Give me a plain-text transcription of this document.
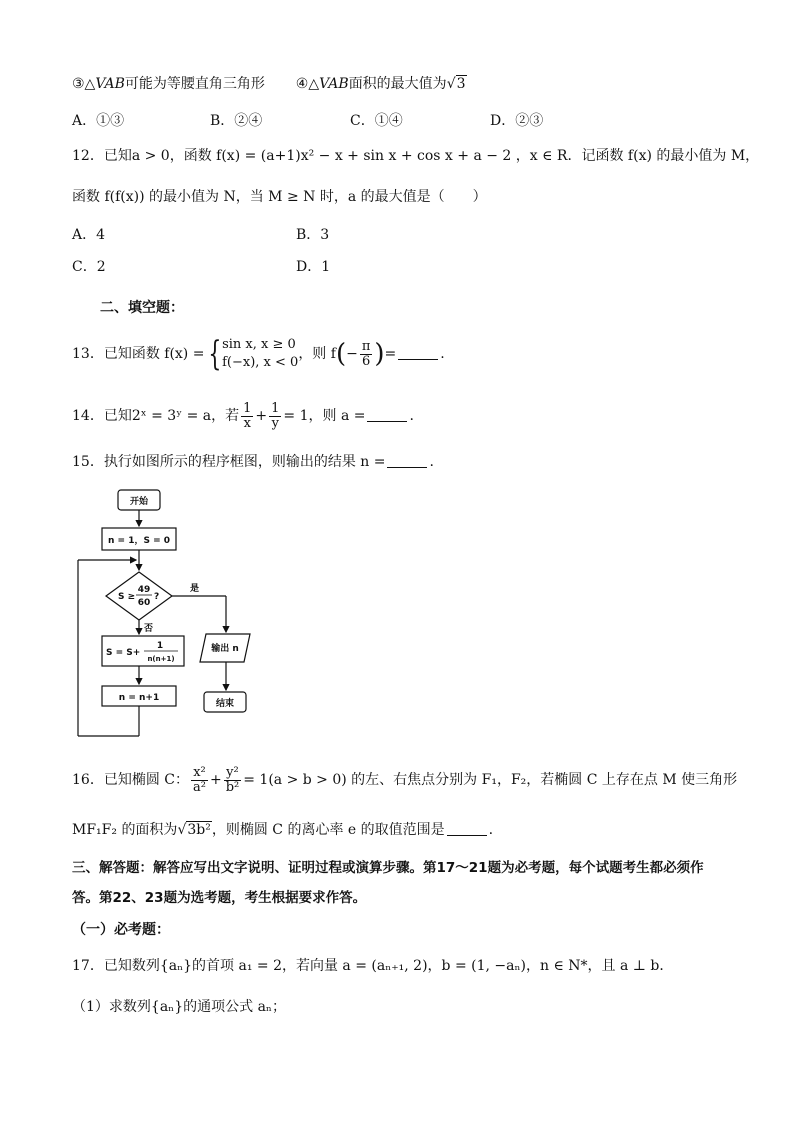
③△VAB可能为等腰直角三角形 ④△VAB面积的最大值为√3
A．①③	B．②④	C．①④	D．②③
12．已知a > 0，函数 f(x) = (a+1)x² − x + sin x + cos x + a − 2 ，x ∈ R．记函数 f(x) 的最小值为 M，
函数 f(f(x)) 的最小值为 N，当 M ≥ N 时，a 的最大值是（　　）
A．4	B．3
C．2	D．1
二、填空题：
13．已知函数 f(x) = { sin x, x ≥ 0
f(−x), x < 0
，则 $f(- \frac{\pi}{6}$ )=	.
14．已知2ˣ = 3ʸ = a，若 $\frac{1}{x} + \frac{1}{y} = 1$，则 a =	.
15．执行如图所示的程序框图，则输出的结果 n =	.
开始
n = 1，S = 0
S ≥
49
60
?
是
否
S = S+
1
n(n+1)
n = n+1
输出 n
结束
16．已知椭圆 C： $\frac{\text{x²}}{\text{a²}} + \frac{\text{y²}}{\text{b²}} = 1(a > b > 0)$ 的左、右焦点分别为 F₁，F₂，若椭圆 C 上存在点 M 使三角形
MF₁F₂ 的面积为√3b²，则椭圆 C 的离心率 e 的取值范围是	.
三、解答题：解答应写出文字说明、证明过程或演算步骤。第17～21题为必考题，每个试题考生都必须作
答。第22、23题为选考题，考生根据要求作答。
（一）必考题：
17．已知数列{aₙ}的首项 a₁ = 2，若向量 a = (aₙ₊₁, 2)，b = (1, −aₙ)，n ∈ N*，且 a ⊥ b．
（1）求数列{aₙ}的通项公式 aₙ；
